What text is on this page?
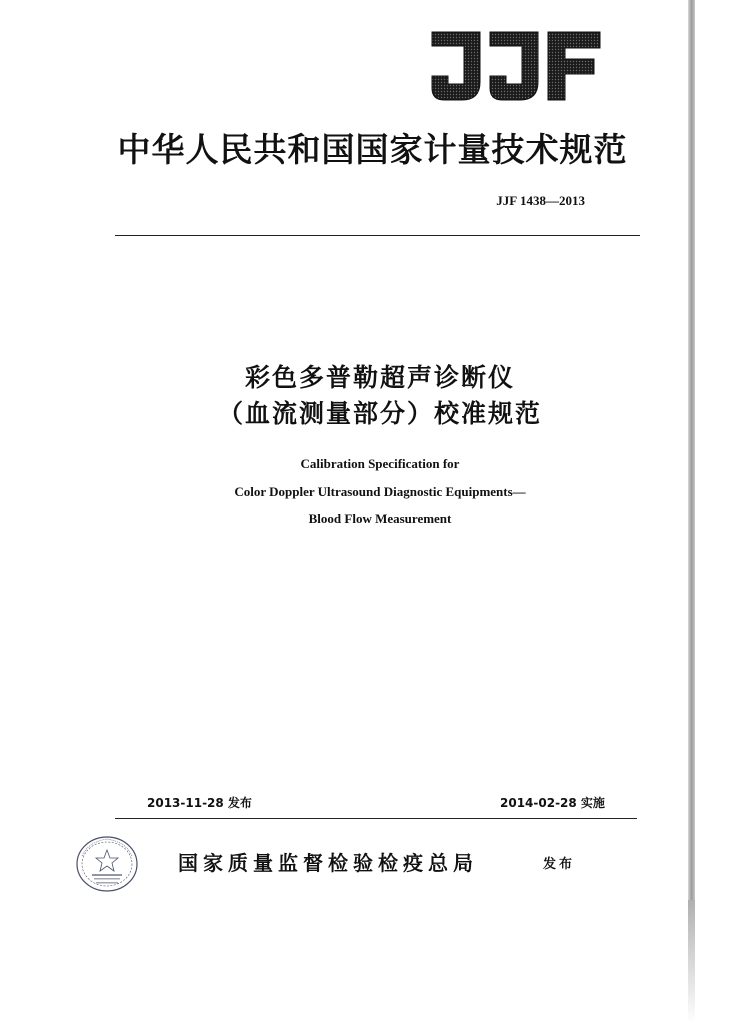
中华人民共和国国家计量技术规范
JJF 1438—2013
彩色多普勒超声诊断仪
（血流测量部分）校准规范
Calibration Specification for
Color Doppler Ultrasound Diagnostic Equipments—
Blood Flow Measurement
2013-11-28 发布	2014-02-28 实施
国家质量监督检验检疫总局	发布
